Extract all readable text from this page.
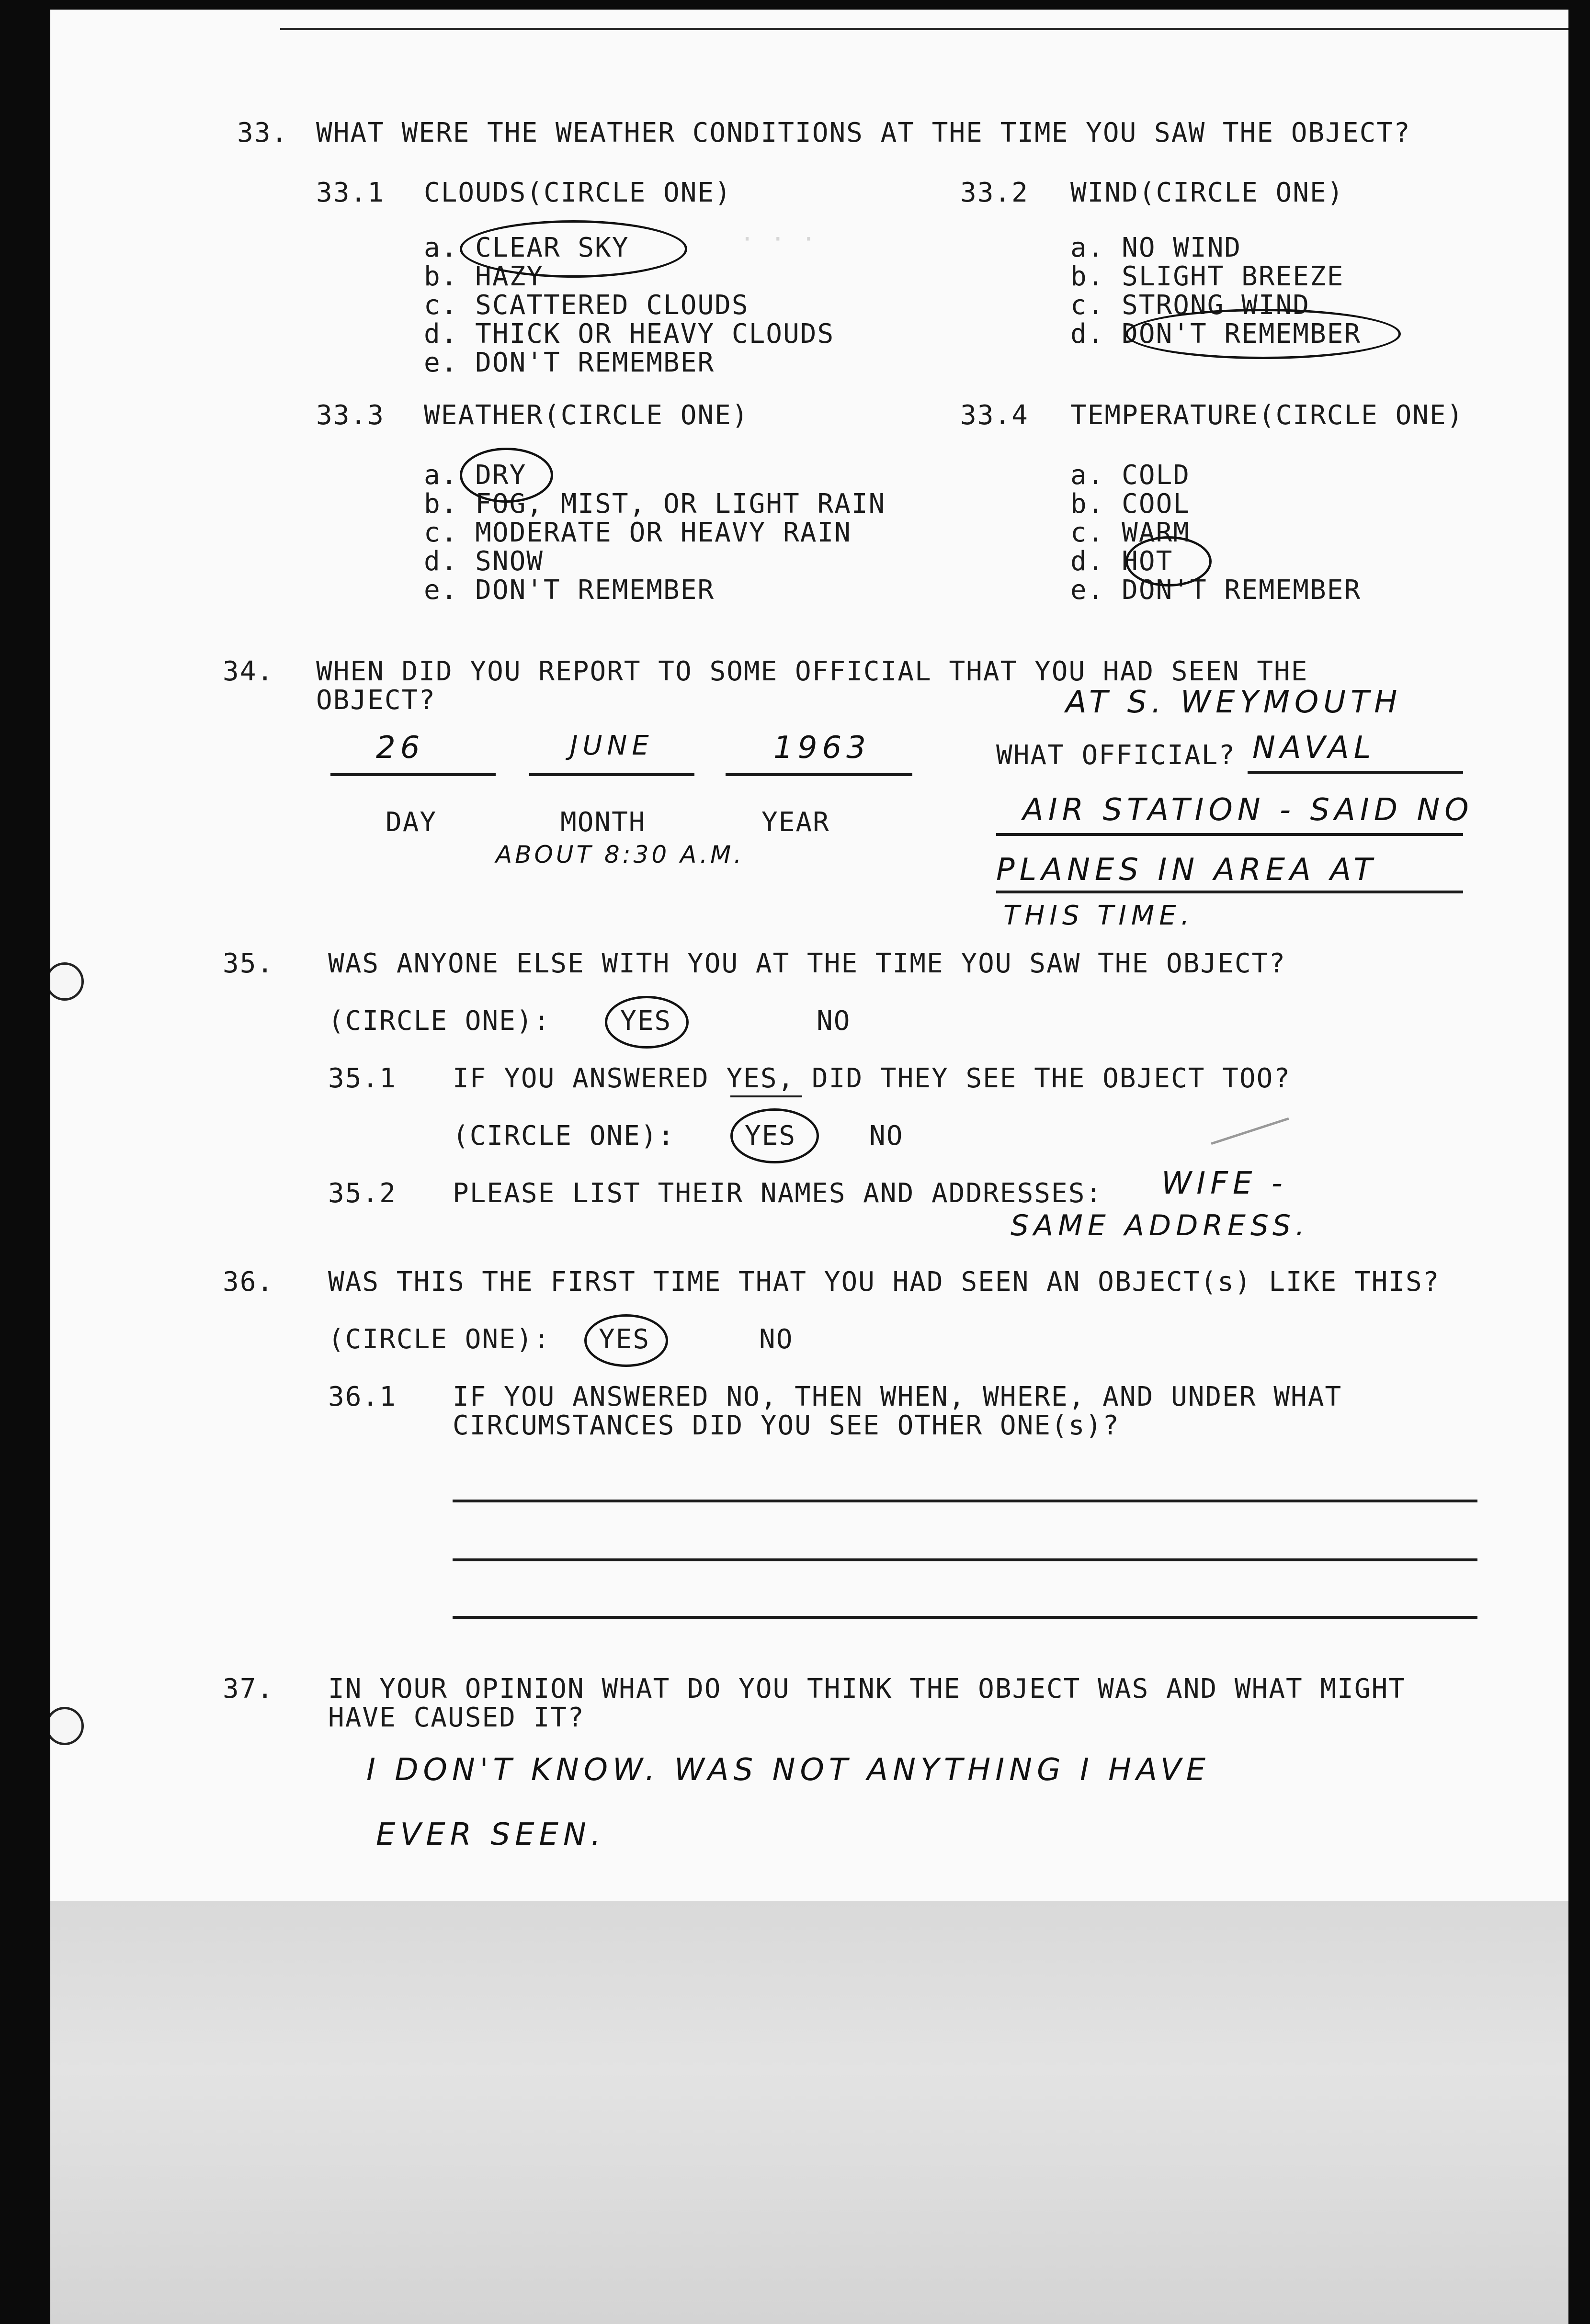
· · ·
33. WHAT WERE THE WEATHER CONDITIONS AT THE TIME YOU SAW THE OBJECT?
33.1 CLOUDS(CIRCLE ONE)
a. CLEAR SKY
b. HAZY
c. SCATTERED CLOUDS
d. THICK OR HEAVY CLOUDS
e. DON'T REMEMBER
33.2 WIND(CIRCLE ONE)
a. NO WIND
b. SLIGHT BREEZE
c. STRONG WIND
d. DON'T REMEMBER
33.3 WEATHER(CIRCLE ONE)
a. DRY
b. FOG, MIST, OR LIGHT RAIN
c. MODERATE OR HEAVY RAIN
d. SNOW
e. DON'T REMEMBER
33.4 TEMPERATURE(CIRCLE ONE)
a. COLD
b. COOL
c. WARM
d. HOT
e. DON'T REMEMBER
34. WHEN DID YOU REPORT TO SOME OFFICIAL THAT YOU HAD SEEN THE
OBJECT?	AT S. WEYMOUTH
26	JUNE	1963
DAY	MONTH	YEAR
ABOUT 8:30 A.M.
WHAT OFFICIAL? NAVAL
AIR STATION - SAID NO
PLANES IN AREA AT
THIS TIME.
35. WAS ANYONE ELSE WITH YOU AT THE TIME YOU SAW THE OBJECT?
(CIRCLE ONE):	YES	NO
35.1 IF YOU ANSWERED YES, DID THEY SEE THE OBJECT TOO?
(CIRCLE ONE):	YES	NO
35.2 PLEASE LIST THEIR NAMES AND ADDRESSES: WIFE -
SAME ADDRESS.
36. WAS THIS THE FIRST TIME THAT YOU HAD SEEN AN OBJECT(s) LIKE THIS?
(CIRCLE ONE): YES	NO
36.1 IF YOU ANSWERED NO, THEN WHEN, WHERE, AND UNDER WHAT
CIRCUMSTANCES DID YOU SEE OTHER ONE(s)?
37. IN YOUR OPINION WHAT DO YOU THINK THE OBJECT WAS AND WHAT MIGHT
HAVE CAUSED IT?
I DON'T KNOW. WAS NOT ANYTHING I HAVE
EVER SEEN.
